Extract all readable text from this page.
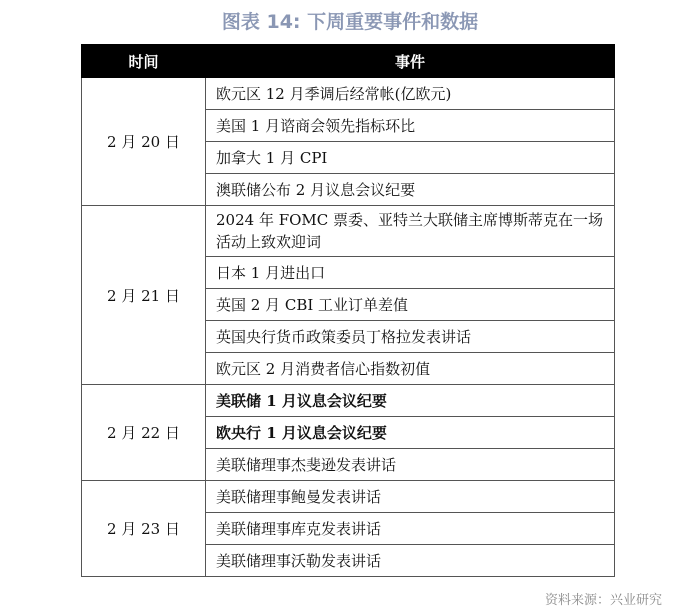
图表 14: 下周重要事件和数据
时间	事件
2 月 20 日	欧元区 12 月季调后经常帐(亿欧元)
	美国 1 月谘商会领先指标环比
	加拿大 1 月 CPI
	澳联储公布 2 月议息会议纪要
2 月 21 日	2024 年 FOMC 票委、亚特兰大联储主席博斯蒂克在一场活动上致欢迎词
	日本 1 月进出口
	英国 2 月 CBI 工业订单差值
	英国央行货币政策委员丁格拉发表讲话
	欧元区 2 月消费者信心指数初值
2 月 22 日	美联储 1 月议息会议纪要
	欧央行 1 月议息会议纪要
	美联储理事杰斐逊发表讲话
2 月 23 日	美联储理事鲍曼发表讲话
	美联储理事库克发表讲话
	美联储理事沃勒发表讲话
资料来源：兴业研究
